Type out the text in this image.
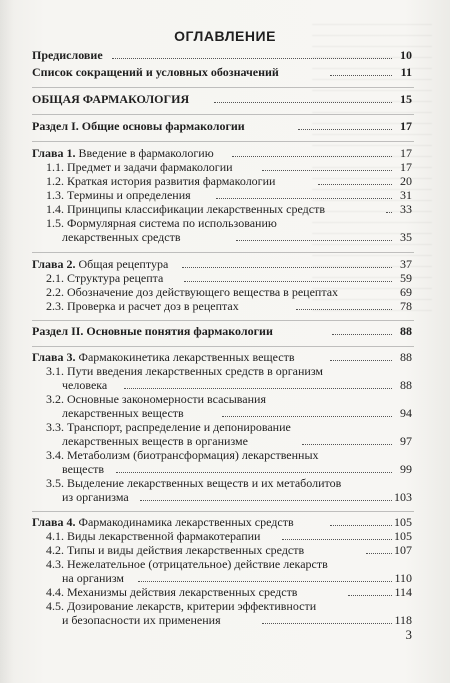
ОГЛАВЛЕНИЕ
Предисловие	10
Список сокращений и условных обозначений	11
ОБЩАЯ ФАРМАКОЛОГИЯ	15
Раздел I. Общие основы фармакологии	17
Глава 1. Введение в фармакологию	17
1.1. Предмет и задачи фармакологии	17
1.2. Краткая история развития фармакологии	20
1.3. Термины и определения	31
1.4. Принципы классификации лекарственных средств	33
1.5. Формулярная система по использованию
лекарственных средств	35
Глава 2. Общая рецептура	37
2.1. Структура рецепта	59
2.2. Обозначение доз действующего вещества в рецептах	69
2.3. Проверка и расчет доз в рецептах	78
Раздел II. Основные понятия фармакологии	88
Глава 3. Фармакокинетика лекарственных веществ	88
3.1. Пути введения лекарственных средств в организм
человека	88
3.2. Основные закономерности всасывания
лекарственных веществ	94
3.3. Транспорт, распределение и депонирование
лекарственных веществ в организме	97
3.4. Метаболизм (биотрансформация) лекарственных
веществ	99
3.5. Выделение лекарственных веществ и их метаболитов
из организма	103
Глава 4. Фармакодинамика лекарственных средств	105
4.1. Виды лекарственной фармакотерапии	105
4.2. Типы и виды действия лекарственных средств	107
4.3. Нежелательное (отрицательное) действие лекарств
на организм	110
4.4. Механизмы действия лекарственных средств	114
4.5. Дозирование лекарств, критерии эффективности
и безопасности их применения	118
3
